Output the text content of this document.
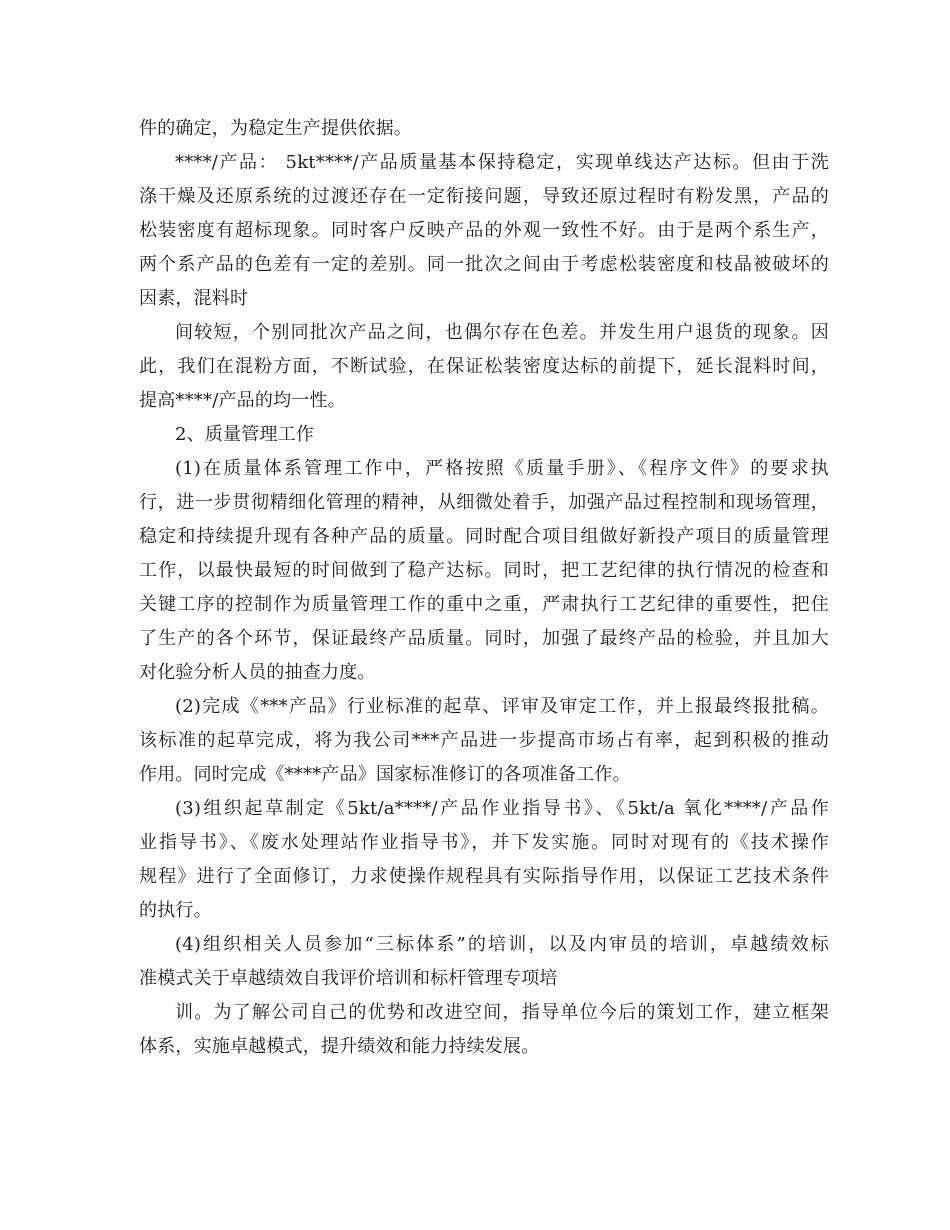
件的确定，为稳定生产提供依据。
****/产品： 5kt****/产品质量基本保持稳定，实现单线达产达标。但由于洗
涤干燥及还原系统的过渡还存在一定衔接问题，导致还原过程时有粉发黑，产品的
松装密度有超标现象。同时客户反映产品的外观一致性不好。由于是两个系生产，
两个系产品的色差有一定的差别。同一批次之间由于考虑松装密度和枝晶被破坏的
因素，混料时
间较短，个别同批次产品之间，也偶尔存在色差。并发生用户退货的现象。因
此，我们在混粉方面，不断试验，在保证松装密度达标的前提下，延长混料时间，
提高****/产品的均一性。
2、质量管理工作
(1)在质量体系管理工作中，严格按照《质量手册》、《程序文件》的要求执
行，进一步贯彻精细化管理的精神，从细微处着手，加强产品过程控制和现场管理，
稳定和持续提升现有各种产品的质量。同时配合项目组做好新投产项目的质量管理
工作，以最快最短的时间做到了稳产达标。同时，把工艺纪律的执行情况的检查和
关键工序的控制作为质量管理工作的重中之重，严肃执行工艺纪律的重要性，把住
了生产的各个环节，保证最终产品质量。同时，加强了最终产品的检验，并且加大
对化验分析人员的抽查力度。
(2)完成《***产品》行业标准的起草、评审及审定工作，并上报最终报批稿。
该标准的起草完成，将为我公司***产品进一步提高市场占有率，起到积极的推动
作用。同时完成《****产品》国家标准修订的各项准备工作。
(3)组织起草制定《5kt/a****/产品作业指导书》、《5kt/a 氧化****/产品作
业指导书》、《废水处理站作业指导书》，并下发实施。同时对现有的《技术操作
规程》进行了全面修订，力求使操作规程具有实际指导作用，以保证工艺技术条件
的执行。
(4)组织相关人员参加“三标体系”的培训，以及内审员的培训，卓越绩效标
准模式关于卓越绩效自我评价培训和标杆管理专项培
训。为了解公司自己的优势和改进空间，指导单位今后的策划工作，建立框架
体系，实施卓越模式，提升绩效和能力持续发展。
